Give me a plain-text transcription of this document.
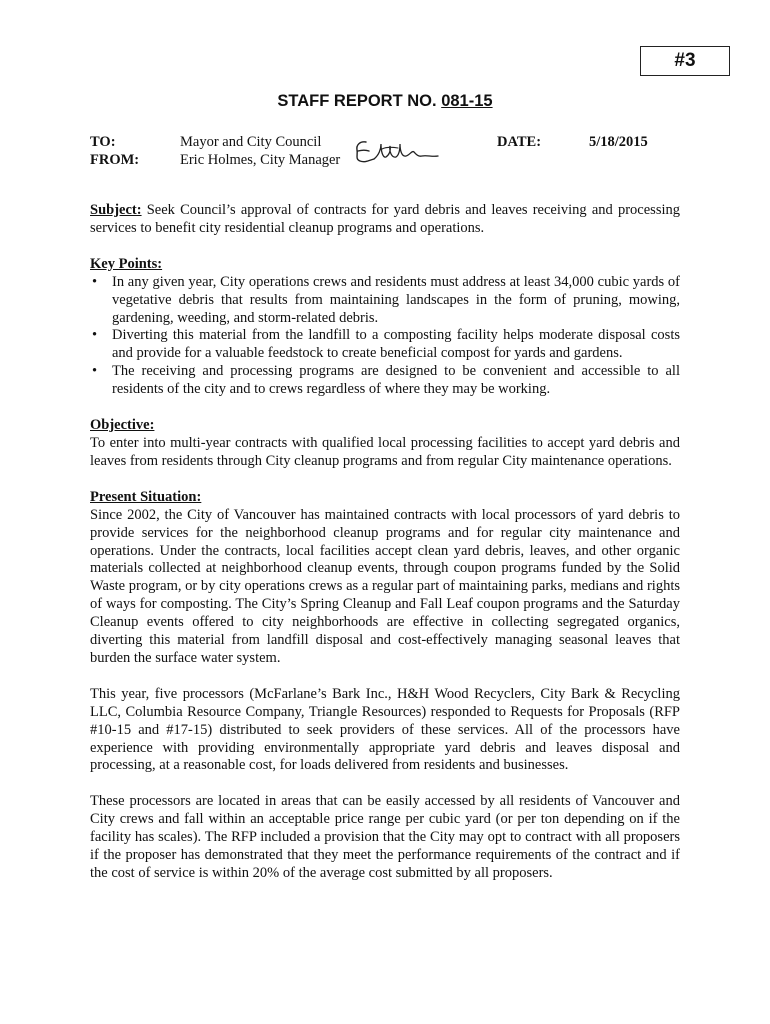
#3
STAFF REPORT NO. 081-15
TO:	Mayor and City Council
FROM:	Eric Holmes, City Manager
DATE:	5/18/2015

Subject: Seek Council’s approval of contracts for yard debris and leaves receiving and processing services to benefit city residential cleanup programs and operations.

Key Points:

• In any given year, City operations crews and residents must address at least 34,000 cubic yards of vegetative debris that results from maintaining landscapes in the form of pruning, mowing, gardening, weeding, and storm-related debris.
• Diverting this material from the landfill to a composting facility helps moderate disposal costs and provide for a valuable feedstock to create beneficial compost for yards and gardens.
• The receiving and processing programs are designed to be convenient and accessible to all residents of the city and to crews regardless of where they may be working.

Objective:

To enter into multi-year contracts with qualified local processing facilities to accept yard debris and leaves from residents through City cleanup programs and from regular City maintenance operations.

Present Situation:

Since 2002, the City of Vancouver has maintained contracts with local processors of yard debris to provide services for the neighborhood cleanup programs and for regular city maintenance and operations. Under the contracts, local facilities accept clean yard debris, leaves, and other organic materials collected at neighborhood cleanup events, through coupon programs funded by the Solid Waste program, or by city operations crews as a regular part of maintaining parks, medians and rights of ways for composting. The City’s Spring Cleanup and Fall Leaf coupon programs and the Saturday Cleanup events offered to city neighborhoods are effective in collecting segregated organics, diverting this material from landfill disposal and cost-effectively managing seasonal leaves that burden the surface water system.

This year, five processors (McFarlane’s Bark Inc., H&H Wood Recyclers, City Bark & Recycling LLC, Columbia Resource Company, Triangle Resources) responded to Requests for Proposals (RFP #10-15 and #17-15) distributed to seek providers of these services. All of the processors have experience with providing environmentally appropriate yard debris and leaves disposal and processing, at a reasonable cost, for loads delivered from residents and businesses.

These processors are located in areas that can be easily accessed by all residents of Vancouver and City crews and fall within an acceptable price range per cubic yard (or per ton depending on if the facility has scales). The RFP included a provision that the City may opt to contract with all proposers if the proposer has demonstrated that they meet the performance requirements of the contract and if the cost of service is within 20% of the average cost submitted by all proposers.
